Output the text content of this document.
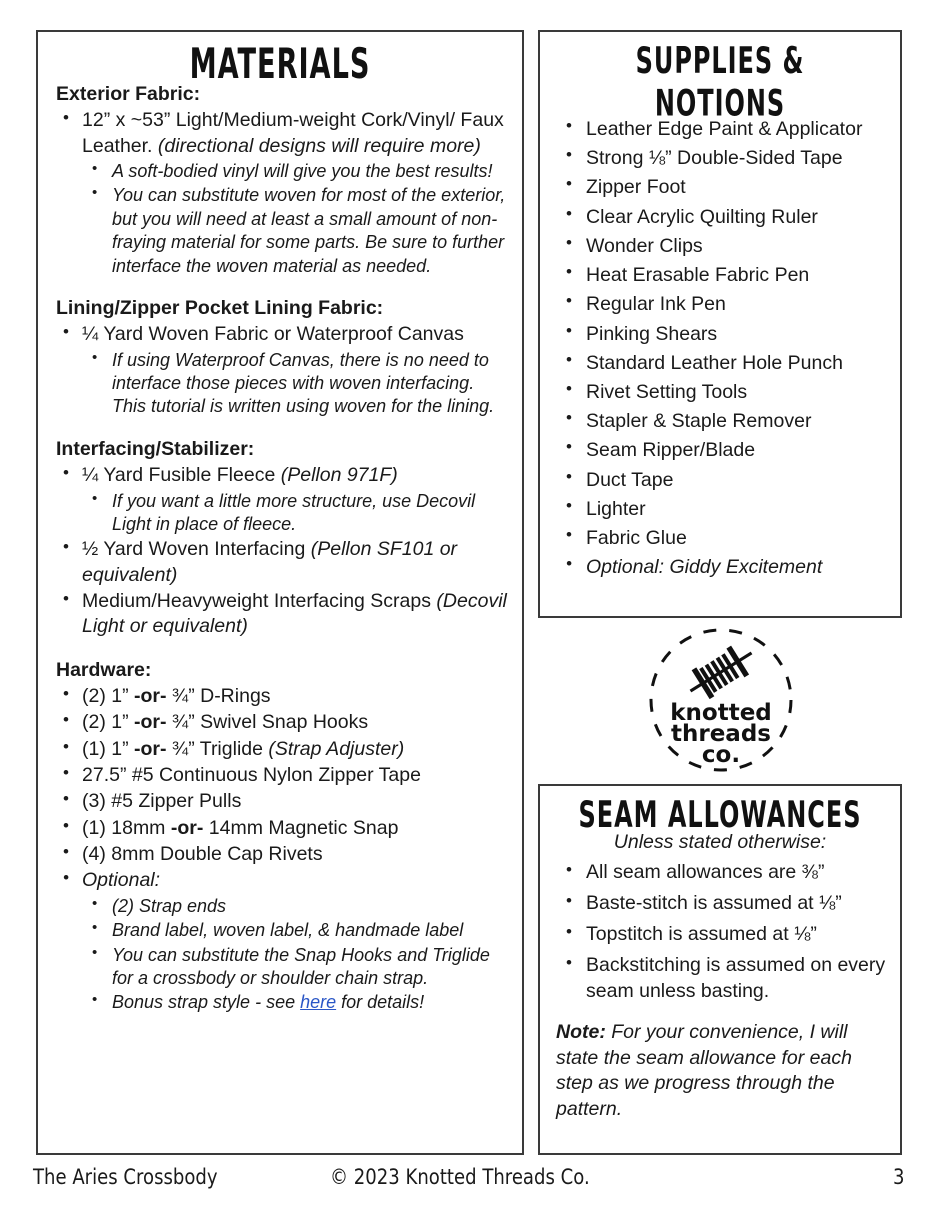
MATERIALS
Exterior Fabric:
• 12” x ~53” Light/Medium-weight Cork/Vinyl/ Faux Leather. (directional designs will require more)
• A soft-bodied vinyl will give you the best results!
• You can substitute woven for most of the exterior, but you will need at least a small amount of non-fraying material for some parts. Be sure to further interface the woven material as needed.
Lining/Zipper Pocket Lining Fabric:
• ¼ Yard Woven Fabric or Waterproof Canvas
• If using Waterproof Canvas, there is no need to interface those pieces with woven interfacing. This tutorial is written using woven for the lining.
Interfacing/Stabilizer:
• ¼ Yard Fusible Fleece (Pellon 971F)
• If you want a little more structure, use Decovil Light in place of fleece.
• ½ Yard Woven Interfacing (Pellon SF101 or equivalent)
• Medium/Heavyweight Interfacing Scraps (Decovil Light or equivalent)
Hardware:
• (2) 1” -or- ¾” D-Rings
• (2) 1” -or- ¾” Swivel Snap Hooks
• (1) 1” -or- ¾” Triglide (Strap Adjuster)
• 27.5” #5 Continuous Nylon Zipper Tape
• (3) #5 Zipper Pulls
• (1) 18mm -or- 14mm Magnetic Snap
• (4) 8mm Double Cap Rivets
• Optional:
• (2) Strap ends
• Brand label, woven label, & handmade label
• You can substitute the Snap Hooks and Triglide for a crossbody or shoulder chain strap.
• Bonus strap style - see here for details!
SUPPLIES & NOTIONS
• Leather Edge Paint & Applicator
• Strong ⅛” Double-Sided Tape
• Zipper Foot
• Clear Acrylic Quilting Ruler
• Wonder Clips
• Heat Erasable Fabric Pen
• Regular Ink Pen
• Pinking Shears
• Standard Leather Hole Punch
• Rivet Setting Tools
• Stapler & Staple Remover
• Seam Ripper/Blade
• Duct Tape
• Lighter
• Fabric Glue
• Optional: Giddy Excitement
knotted
threads
co.
SEAM ALLOWANCES
Unless stated otherwise:
• All seam allowances are ⅜”
• Baste-stitch is assumed at ⅛”
• Topstitch is assumed at ⅛”
• Backstitching is assumed on every seam unless basting.
Note: For your convenience, I will state the seam allowance for each step as we progress through the pattern.
The Aries Crossbody	© 2023 Knotted Threads Co.	3
